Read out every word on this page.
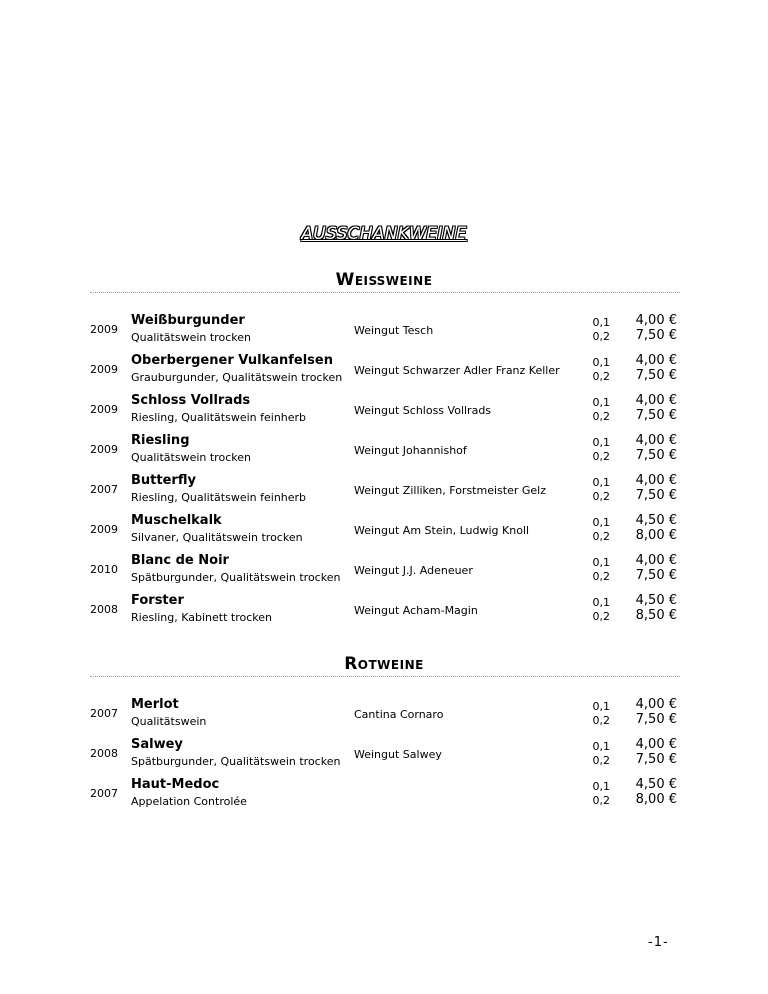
AUSSCHANKWEINE
Weißweine
2009
Weißburgunder
Qualitätswein trocken
Weingut Tesch
0,1
0,2
4,00 €
7,50 €
2009
Oberbergener Vulkanfelsen
Grauburgunder, Qualitätswein trocken
Weingut Schwarzer Adler Franz Keller
0,1
0,2
4,00 €
7,50 €
2009
Schloss Vollrads
Riesling, Qualitätswein feinherb
Weingut Schloss Vollrads
0,1
0,2
4,00 €
7,50 €
2009
Riesling
Qualitätswein trocken
Weingut Johannishof
0,1
0,2
4,00 €
7,50 €
2007
Butterfly
Riesling, Qualitätswein feinherb
Weingut Zilliken, Forstmeister Gelz
0,1
0,2
4,00 €
7,50 €
2009
Muschelkalk
Silvaner, Qualitätswein trocken
Weingut Am Stein, Ludwig Knoll
0,1
0,2
4,50 €
8,00 €
2010
Blanc de Noir
Spätburgunder, Qualitätswein trocken
Weingut J.J. Adeneuer
0,1
0,2
4,00 €
7,50 €
2008
Forster
Riesling, Kabinett trocken
Weingut Acham-Magin
0,1
0,2
4,50 €
8,50 €
Rotweine
2007
Merlot
Qualitätswein
Cantina Cornaro
0,1
0,2
4,00 €
7,50 €
2008
Salwey
Spätburgunder, Qualitätswein trocken
Weingut Salwey
0,1
0,2
4,00 €
7,50 €
2007
Haut-Medoc
Appelation Controlée
0,1
0,2
4,50 €
8,00 €
-1-
